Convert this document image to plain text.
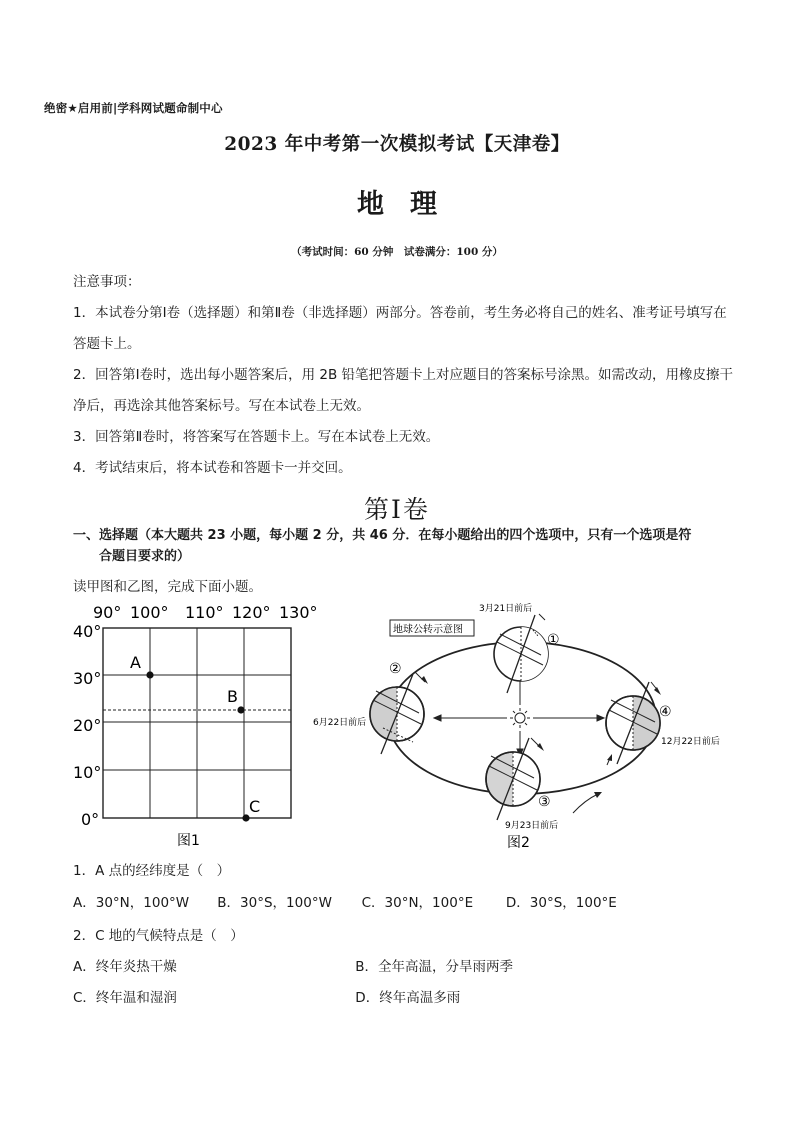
绝密★启用前|学科网试题命制中心
2023 年中考第一次模拟考试【天津卷】
地理
（考试时间：60 分钟　试卷满分：100 分）
注意事项：

1．本试卷分第Ⅰ卷（选择题）和第Ⅱ卷（非选择题）两部分。答卷前，考生务必将自己的姓名、准考证号填写在答题卡上。

2．回答第Ⅰ卷时，选出每小题答案后，用 2B 铅笔把答题卡上对应题目的答案标号涂黑。如需改动，用橡皮擦干净后，再选涂其他答案标号。写在本试卷上无效。

3．回答第Ⅱ卷时，将答案写在答题卡上。写在本试卷上无效。

4．考试结束后，将本试卷和答题卡一并交回。

第Ⅰ卷
一、选择题（本大题共 23 小题，每小题 2 分，共 46 分．在每小题给出的四个选项中，只有一个选项是符
合题目要求的）
读甲图和乙图，完成下面小题。
90° 100° 110° 120° 130°
40°
30°
20°
10°
0°
A
B
C
图1
地球公转示意图
①
3月21日前后
②
6月22日前后
③
9月23日前后
④
12月22日前后
图2
1．A 点的经纬度是（　）
A．30°N，100°W B．30°S，100°W C．30°N，100°E D．30°S，100°E
2．C 地的气候特点是（　）
A．终年炎热干燥	B．全年高温，分旱雨两季
C．终年温和湿润	D．终年高温多雨
